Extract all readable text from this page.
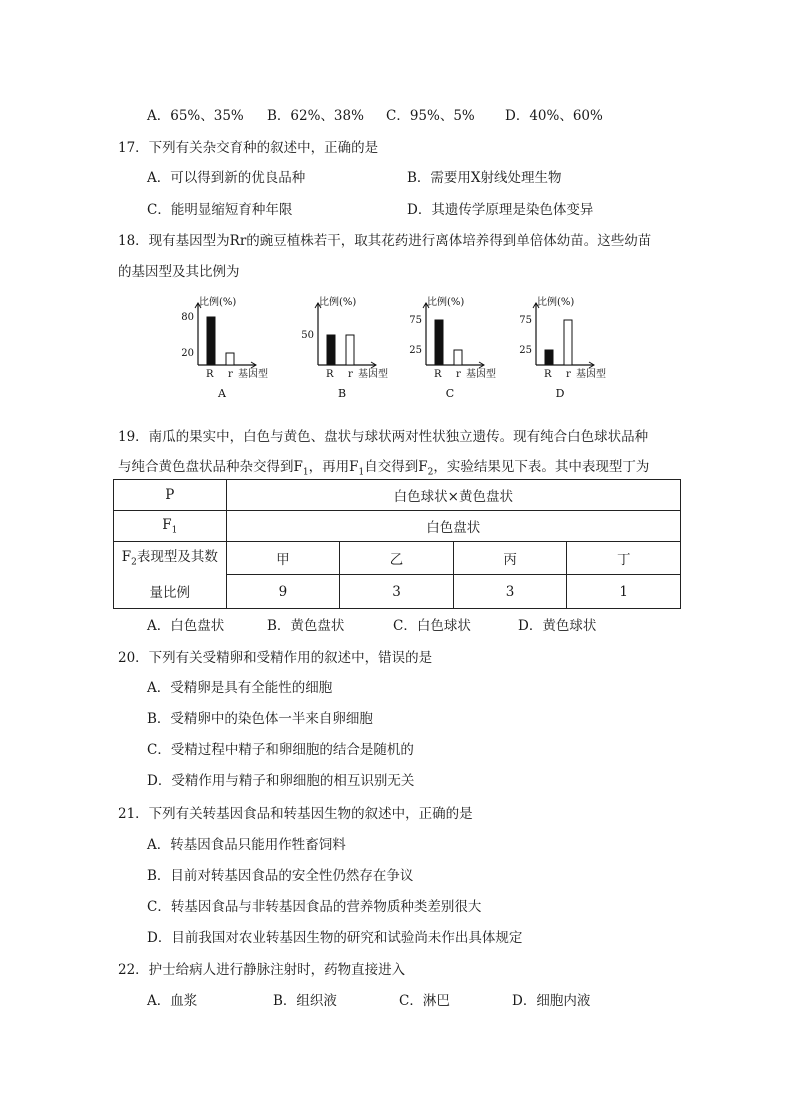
A．65%、35% B．62%、38% C．95%、5% D．40%、60%
17．下列有关杂交育种的叙述中，正确的是
A．可以得到新的优良品种	B．需要用X射线处理生物
C．能明显缩短育种年限	D．其遗传学原理是染色体变异
18．现有基因型为Rr的豌豆植株若干，取其花药进行离体培养得到单倍体幼苗。这些幼苗
的基因型及其比例为
比例(%)
80
20
R r 基因型
A
比例(%)
50
R r 基因型
B
比例(%)
75
25
R r 基因型
C
比例(%)
75
25
R r 基因型
D
19．南瓜的果实中，白色与黄色、盘状与球状两对性状独立遗传。现有纯合白色球状品种
与纯合黄色盘状品种杂交得到$F_1$，再用$F_1$自交得到$F_2$，实验结果见下表。其中表现型丁为
P	白色球状×黄色盘状			
$F_1$	白色盘状			
$F_2$表现型及其数
量比例	甲	乙	丙	丁
	9	3	3	1
A．白色盘状	B．黄色盘状	C．白色球状	D．黄色球状
20．下列有关受精卵和受精作用的叙述中，错误的是
A．受精卵是具有全能性的细胞
B．受精卵中的染色体一半来自卵细胞
C．受精过程中精子和卵细胞的结合是随机的
D．受精作用与精子和卵细胞的相互识别无关
21．下列有关转基因食品和转基因生物的叙述中，正确的是
A．转基因食品只能用作牲畜饲料
B．目前对转基因食品的安全性仍然存在争议
C．转基因食品与非转基因食品的营养物质种类差别很大
D．目前我国对农业转基因生物的研究和试验尚未作出具体规定
22．护士给病人进行静脉注射时，药物直接进入
A．血浆	B．组织液	C．淋巴	D．细胞内液
